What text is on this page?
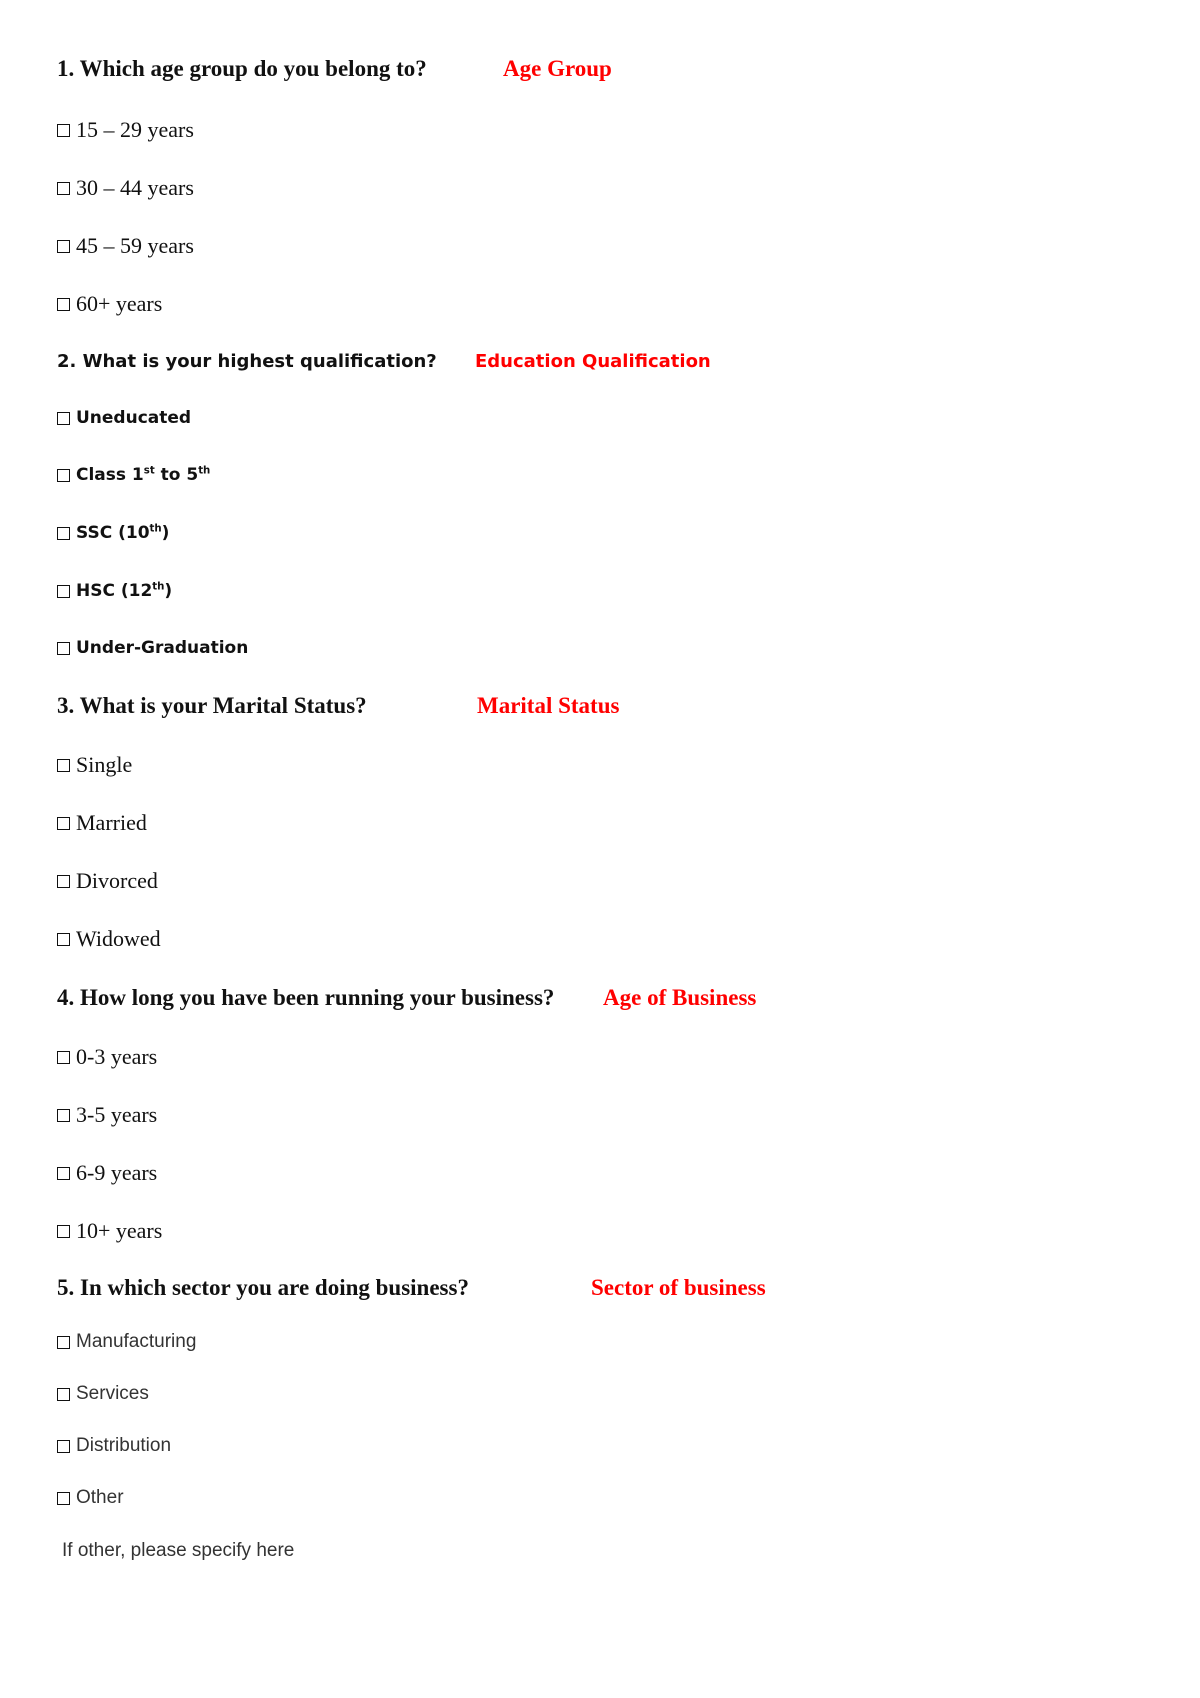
1. Which age group do you belong to?	Age Group
15 – 29 years
30 – 44 years
45 – 59 years
60+ years
2. What is your highest qualification? Education Qualification
Uneducated
Class 1st to 5th
SSC (10th)
HSC (12th)
Under-Graduation
3. What is your Marital Status?	Marital Status
Single
Married
Divorced
Widowed
4. How long you have been running your business? Age of Business
0-3 years
3-5 years
6-9 years
10+ years
5. In which sector you are doing business?	Sector of business
Manufacturing
Services
Distribution
Other
If other, please specify here
